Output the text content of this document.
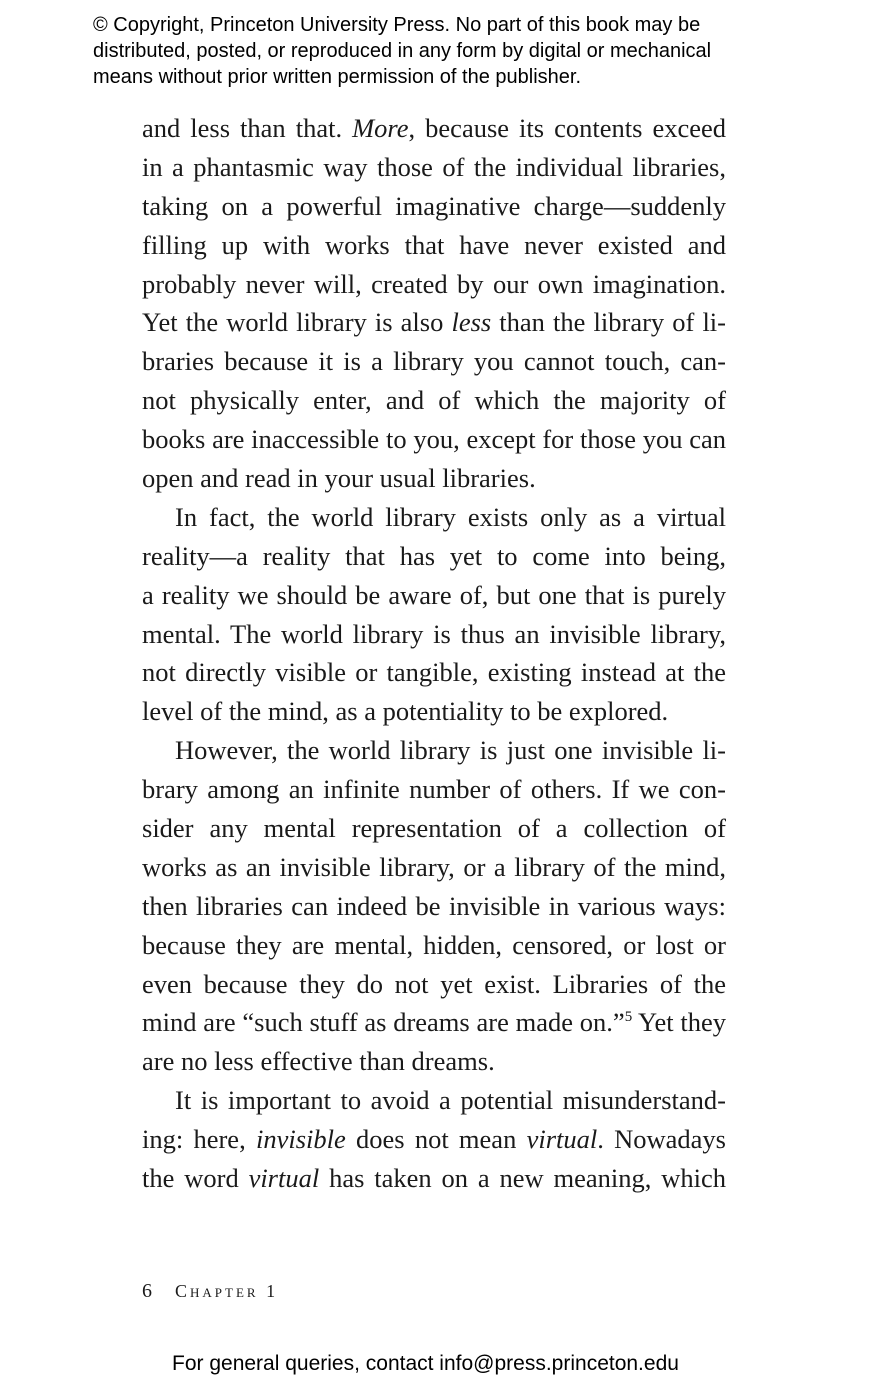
© Copyright, Princeton University Press. No part of this book may be
distributed, posted, or reproduced in any form by digital or mechanical
means without prior written permission of the publisher.
and less than that. More, because its contents exceed
in a phantasmic way those of the individual libraries,
taking on a powerful imaginative charge—suddenly
filling up with works that have never existed and
probably never will, created by our own imagination.
Yet the world library is also less than the library of li-
braries because it is a library you cannot touch, can-
not physically enter, and of which the majority of
books are inaccessible to you, except for those you can
open and read in your usual libraries.
In fact, the world library exists only as a virtual
reality—a reality that has yet to come into being,
a reality we should be aware of, but one that is purely
mental. The world library is thus an invisible library,
not directly visible or tangible, existing instead at the
level of the mind, as a potentiality to be explored.
However, the world library is just one invisible li-
brary among an infinite number of others. If we con-
sider any mental representation of a collection of
works as an invisible library, or a library of the mind,
then libraries can indeed be invisible in various ways:
because they are mental, hidden, censored, or lost or
even because they do not yet exist. Libraries of the
mind are “such stuff as dreams are made on.”$^5$ Yet they
are no less effective than dreams.
It is important to avoid a potential misunderstand-
ing: here, invisible does not mean virtual. Nowadays
the word virtual has taken on a new meaning, which
6 Chapter 1
For general queries, contact info@press.princeton.edu
